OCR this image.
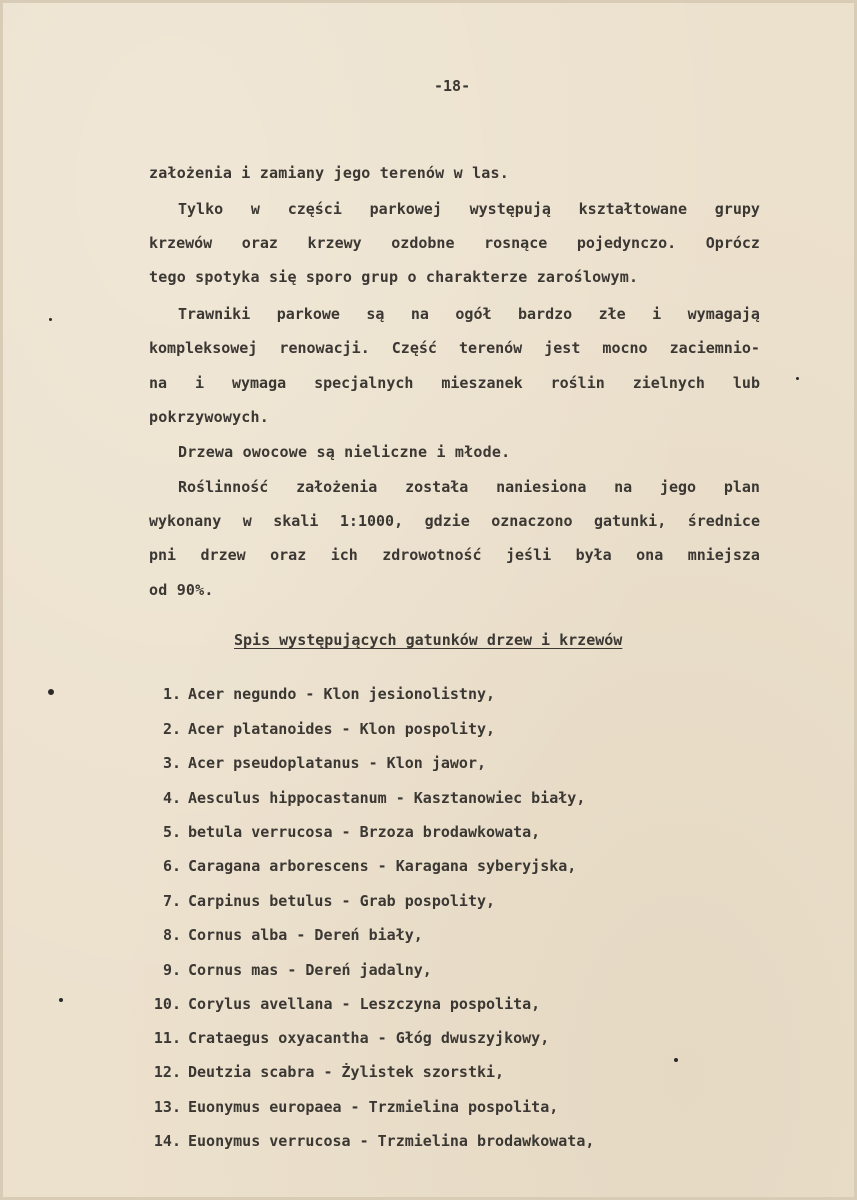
-18-
założenia i zamiany jego terenów w las.
Tylko w części parkowej występują kształtowane grupy
krzewów oraz krzewy ozdobne rosnące pojedynczo. Oprócz
tego spotyka się sporo grup o charakterze zaroślowym.
Trawniki parkowe są na ogół bardzo złe i wymagają
kompleksowej renowacji. Część terenów jest mocno zaciemnio-
na i wymaga specjalnych mieszanek roślin zielnych lub
pokrzywowych.
Drzewa owocowe są nieliczne i młode.
Roślinność założenia została naniesiona na jego plan
wykonany w skali 1:1000, gdzie oznaczono gatunki, średnice
pni drzew oraz ich zdrowotność jeśli była ona mniejsza
od 90%.
Spis występujących gatunków drzew i krzewów
1. Acer negundo - Klon jesionolistny,
2. Acer platanoides - Klon pospolity,
3. Acer pseudoplatanus - Klon jawor,
4. Aesculus hippocastanum - Kasztanowiec biały,
5. betula verrucosa - Brzoza brodawkowata,
6. Caragana arborescens - Karagana syberyjska,
7. Carpinus betulus - Grab pospolity,
8. Cornus alba - Dereń biały,
9. Cornus mas - Dereń jadalny,
10. Corylus avellana - Leszczyna pospolita,
11. Crataegus oxyacantha - Głóg dwuszyjkowy,
12. Deutzia scabra - Żylistek szorstki,
13. Euonymus europaea - Trzmielina pospolita,
14. Euonymus verrucosa - Trzmielina brodawkowata,
